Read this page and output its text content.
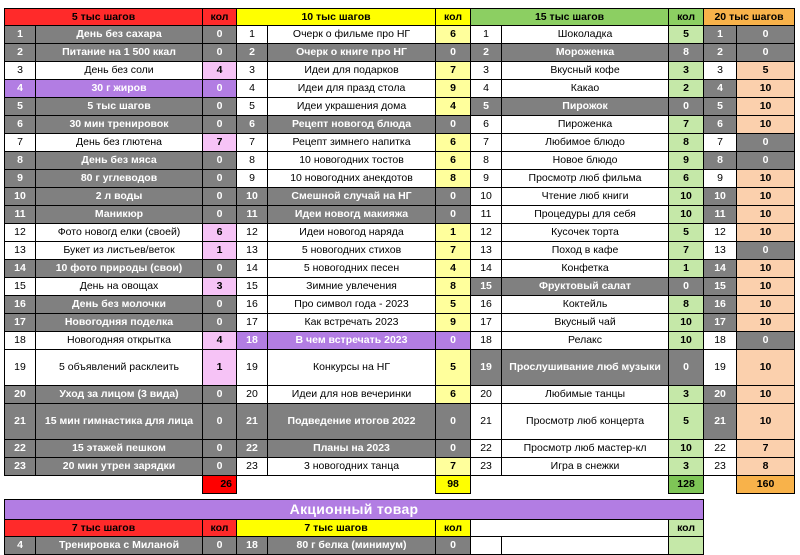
5 тыс шагов		кол	10 тыс шагов		кол	15 тыс шагов		кол	20 тыс шагов	
1	День без сахара	0	1	Очерк о фильме про НГ	6	1	Шоколадка	5	1	0
2	Питание на 1 500 ккал	0	2	Очерк о книге про НГ	0	2	Мороженка	8	2	0
3	День без соли	4	3	Идеи для подарков	7	3	Вкусный кофе	3	3	5
4	30 г жиров	0	4	Идеи для празд стола	9	4	Какао	2	4	10
5	5 тыс шагов	0	5	Идеи украшения дома	4	5	Пирожок	0	5	10
6	30 мин тренировок	0	6	Рецепт новогод блюда	0	6	Пироженка	7	6	10
7	День без глютена	7	7	Рецепт зимнего напитка	6	7	Любимое блюдо	8	7	0
8	День без мяса	0	8	10 новогодних тостов	6	8	Новое блюдо	9	8	0
9	80 г углеводов	0	9	10 новогодних анекдотов	8	9	Просмотр люб фильма	6	9	10
10	2 л воды	0	10	Смешной случай на НГ	0	10	Чтение люб книги	10	10	10
11	Маникюр	0	11	Идеи новогд макияжа	0	11	Процедуры для себя	10	11	10
12	Фото новогд елки (своей)	6	12	Идеи новогод наряда	1	12	Кусочек торта	5	12	10
13	Букет из листьев/веток	1	13	5 новогодних стихов	7	13	Поход в кафе	7	13	0
14	10 фото природы (свои)	0	14	5 новогодних песен	4	14	Конфетка	1	14	10
15	День на овощах	3	15	Зимние увлечения	8	15	Фруктовый салат	0	15	10
16	День без молочки	0	16	Про символ года - 2023	5	16	Коктейль	8	16	10
17	Новогодняя поделка	0	17	Как встречать 2023	9	17	Вкусный чай	10	17	10
18	Новогодняя открытка	4	18	В чем встречать 2023	0	18	Релакс	10	18	0
19	5 объявлений расклеить	1	19	Конкурсы на НГ	5	19	Прослушивание люб музыки	0	19	10
20	Уход за лицом (3 вида)	0	20	Идеи для нов вечеринки	6	20	Любимые танцы	3	20	10
21	15 мин гимнастика для лица	0	21	Подведение итогов 2022	0	21	Просмотр люб концерта	5	21	10
22	15 этажей пешком	0	22	Планы на 2023	0	22	Просмотр люб мастер-кл	10	22	7
23	20 мин утрен зарядки	0	23	3 новогодних танца	7	23	Игра в снежки	3	23	8
		26			98			128		160

Акционный товар										
7 тыс шагов		кол	7 тыс шагов		кол			кол		
4	Тренировка с Миланой	0	18	80 г белка (минимум)	0					
